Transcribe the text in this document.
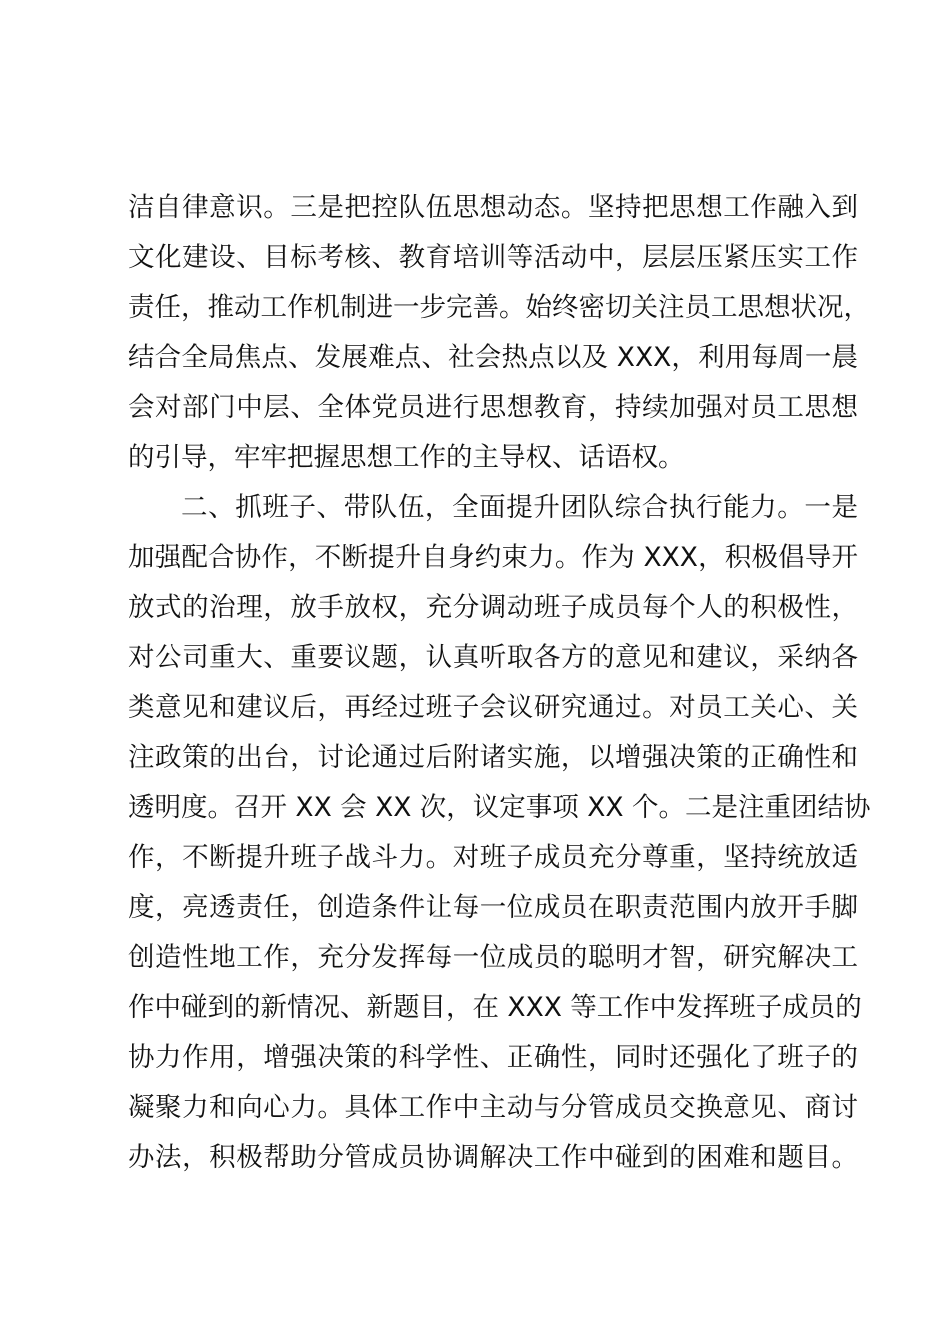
洁自律意识。三是把控队伍思想动态。坚持把思想工作融入到
文化建设、目标考核、教育培训等活动中，层层压紧压实工作
责任，推动工作机制进一步完善。始终密切关注员工思想状况，
结合全局焦点、发展难点、社会热点以及 XXX，利用每周一晨
会对部门中层、全体党员进行思想教育，持续加强对员工思想
的引导，牢牢把握思想工作的主导权、话语权。
二、抓班子、带队伍，全面提升团队综合执行能力。一是
加强配合协作，不断提升自身约束力。作为 XXX，积极倡导开
放式的治理，放手放权，充分调动班子成员每个人的积极性，
对公司重大、重要议题，认真听取各方的意见和建议，采纳各
类意见和建议后，再经过班子会议研究通过。对员工关心、关
注政策的出台，讨论通过后附诸实施，以增强决策的正确性和
透明度。召开 XX 会 XX 次，议定事项 XX 个。二是注重团结协
作，不断提升班子战斗力。对班子成员充分尊重，坚持统放适
度，亮透责任，创造条件让每一位成员在职责范围内放开手脚
创造性地工作，充分发挥每一位成员的聪明才智，研究解决工
作中碰到的新情况、新题目，在 XXX 等工作中发挥班子成员的
协力作用，增强决策的科学性、正确性，同时还强化了班子的
凝聚力和向心力。具体工作中主动与分管成员交换意见、商讨
办法，积极帮助分管成员协调解决工作中碰到的困难和题目。
